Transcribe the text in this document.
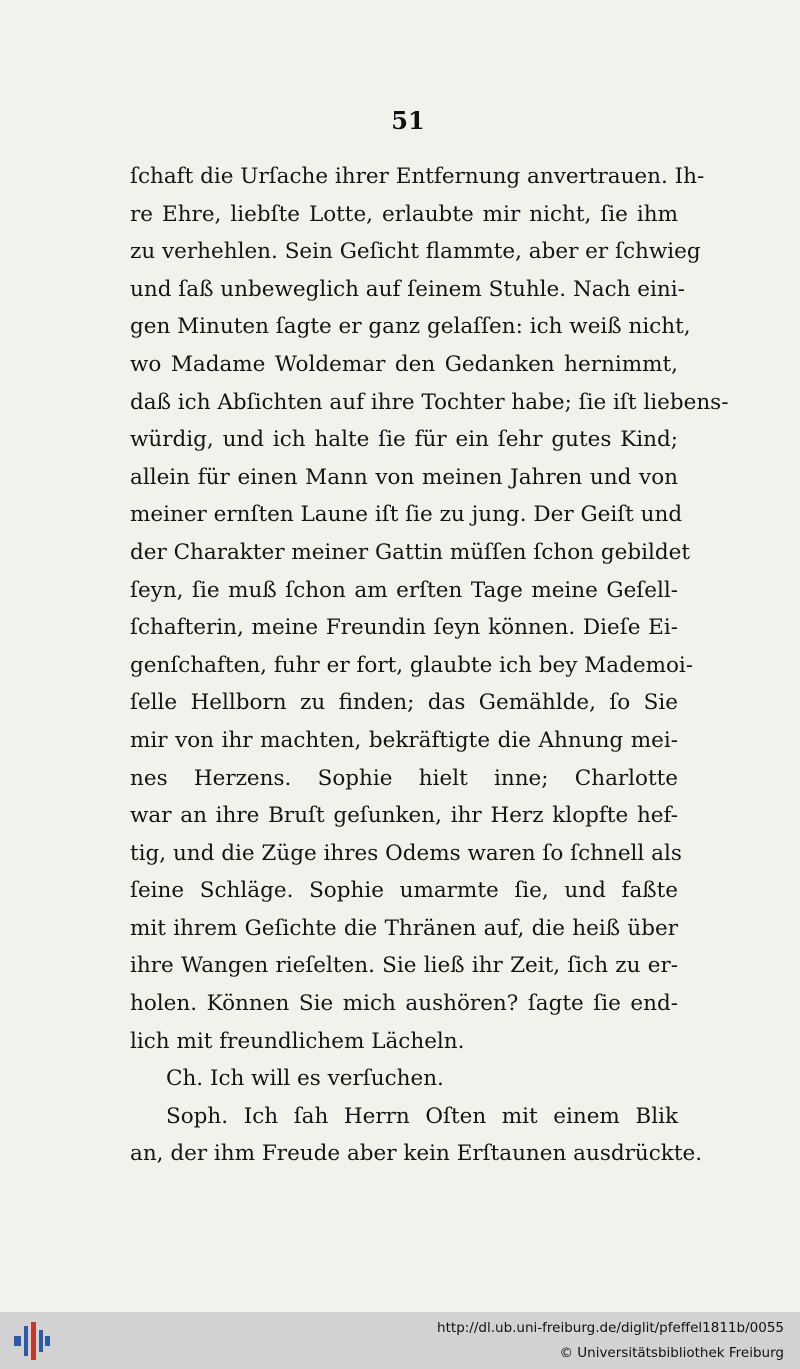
51
ſchaft die Urſache ihrer Entfernung anvertrauen. Ih-
re Ehre, liebſte Lotte, erlaubte mir nicht, ſie ihm
zu verhehlen. Sein Geſicht flammte, aber er ſchwieg
und ſaß unbeweglich auf ſeinem Stuhle. Nach eini-
gen Minuten ſagte er ganz gelaſſen: ich weiß nicht,
wo Madame Woldemar den Gedanken hernimmt,
daß ich Abſichten auf ihre Tochter habe; ſie iſt liebens-
würdig, und ich halte ſie für ein ſehr gutes Kind;
allein für einen Mann von meinen Jahren und von
meiner ernſten Laune iſt ſie zu jung. Der Geiſt und
der Charakter meiner Gattin müſſen ſchon gebildet
ſeyn, ſie muß ſchon am erſten Tage meine Geſell-
ſchafterin, meine Freundin ſeyn können. Dieſe Ei-
genſchaften, fuhr er fort, glaubte ich bey Mademoi-
ſelle Hellborn zu finden; das Gemählde, ſo Sie
mir von ihr machten, bekräftigte die Ahnung mei-
nes Herzens. Sophie hielt inne; Charlotte
war an ihre Bruſt geſunken, ihr Herz klopfte hef-
tig, und die Züge ihres Odems waren ſo ſchnell als
ſeine Schläge. Sophie umarmte ſie, und faßte
mit ihrem Geſichte die Thränen auf, die heiß über
ihre Wangen rieſelten. Sie ließ ihr Zeit, ſich zu er-
holen. Können Sie mich aushören? ſagte ſie end-
lich mit freundlichem Lächeln.
Ch. Ich will es verſuchen.
Soph. Ich ſah Herrn Oſten mit einem Blik
an, der ihm Freude aber kein Erſtaunen ausdrückte.
http://dl.ub.uni-freiburg.de/diglit/pfeffel1811b/0055
© Universitätsbibliothek Freiburg
